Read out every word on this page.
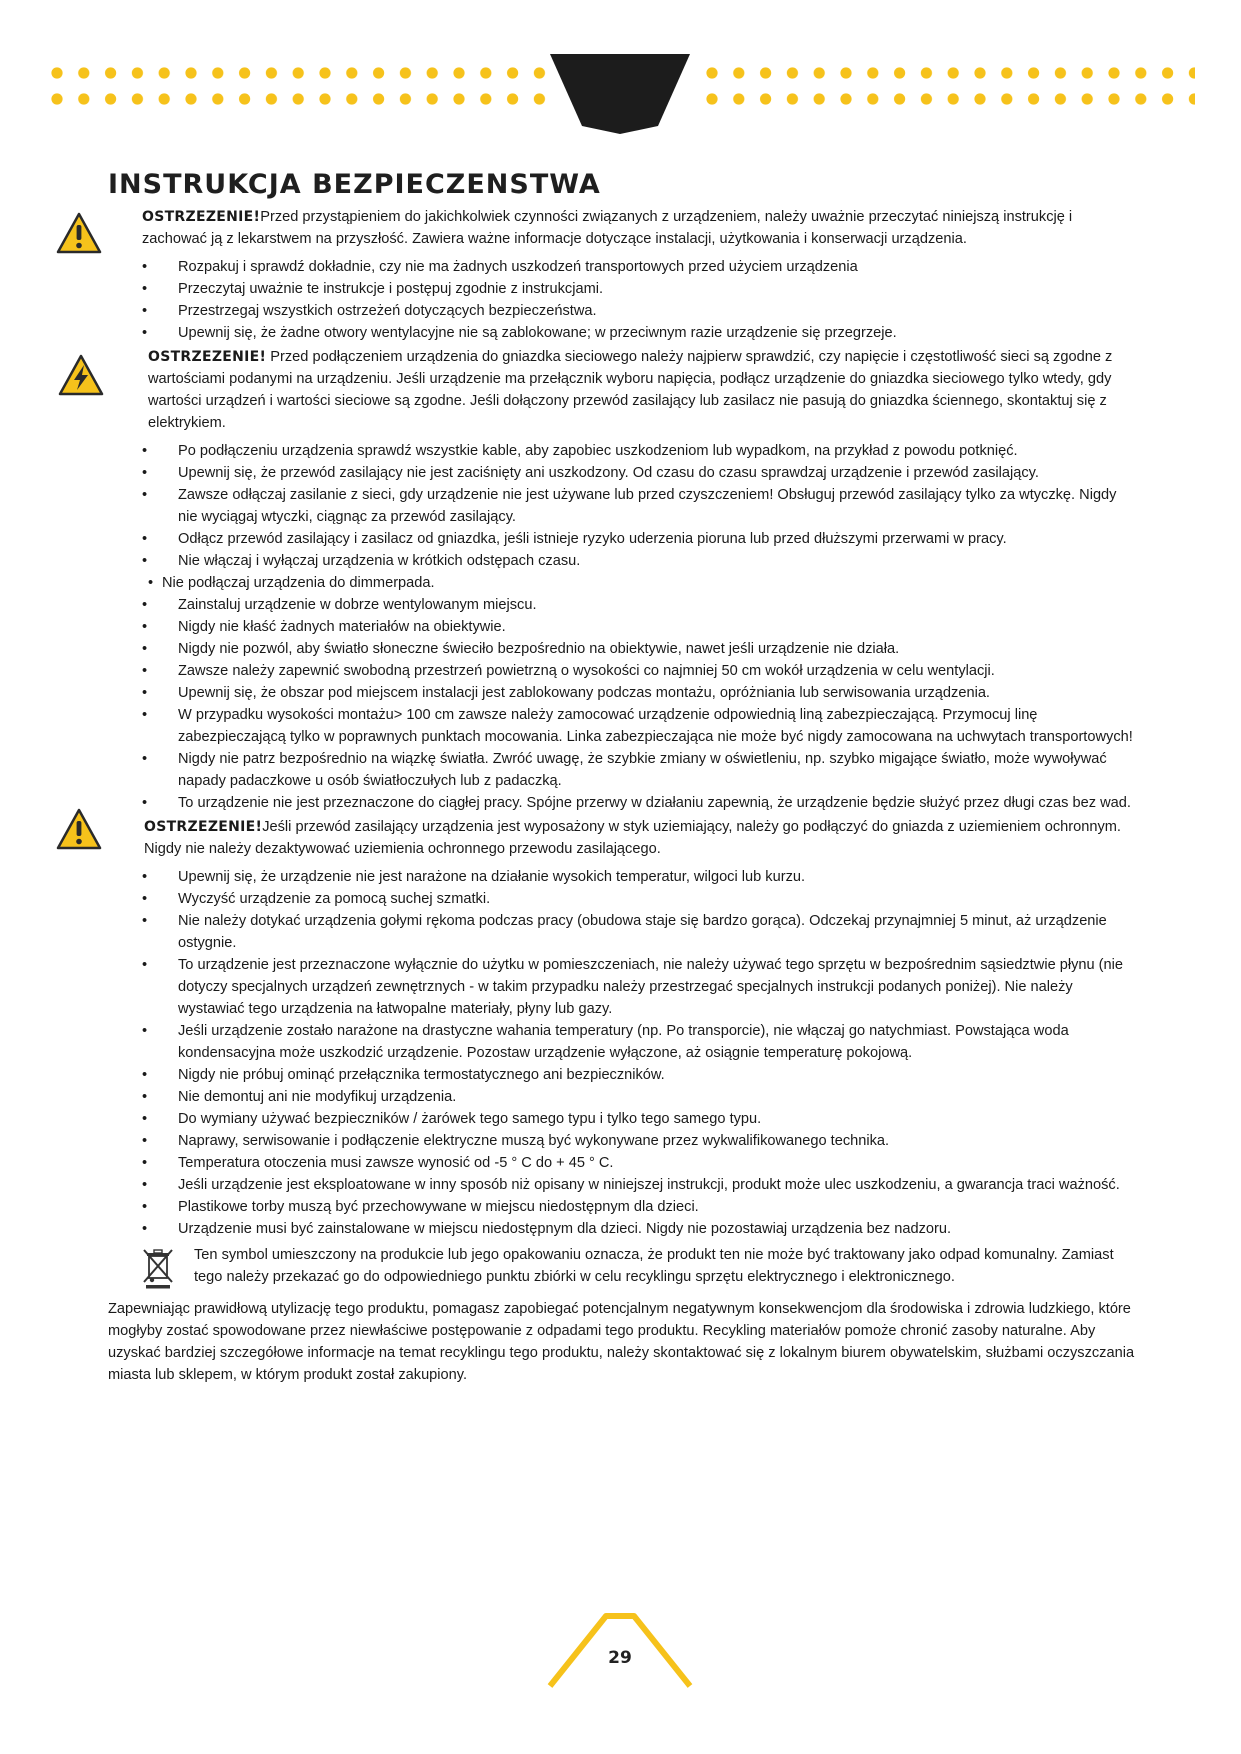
INSTRUKCJA BEZPIECZENSTWA

OSTRZEZENIE!Przed przystąpieniem do jakichkolwiek czynności związanych z urządzeniem, należy uważnie przeczytać niniejszą instrukcję i zachować ją z lekarstwem na przyszłość. Zawiera ważne informacje dotyczące instalacji, użytkowania i konserwacji urządzenia.

• Rozpakuj i sprawdź dokładnie, czy nie ma żadnych uszkodzeń transportowych przed użyciem urządzenia
• Przeczytaj uważnie te instrukcje i postępuj zgodnie z instrukcjami.
• Przestrzegaj wszystkich ostrzeżeń dotyczących bezpieczeństwa.
• Upewnij się, że żadne otwory wentylacyjne nie są zablokowane; w przeciwnym razie urządzenie się przegrzeje.

OSTRZEZENIE! Przed podłączeniem urządzenia do gniazdka sieciowego należy najpierw sprawdzić, czy napięcie i częstotliwość sieci są zgodne z wartościami podanymi na urządzeniu. Jeśli urządzenie ma przełącznik wyboru napięcia, podłącz urządzenie do gniazdka sieciowego tylko wtedy, gdy wartości urządzeń i wartości sieciowe są zgodne. Jeśli dołączony przewód zasilający lub zasilacz nie pasują do gniazdka ściennego, skontaktuj się z elektrykiem.

• Po podłączeniu urządzenia sprawdź wszystkie kable, aby zapobiec uszkodzeniom lub wypadkom, na przykład z powodu potknięć.
• Upewnij się, że przewód zasilający nie jest zaciśnięty ani uszkodzony. Od czasu do czasu sprawdzaj urządzenie i przewód zasilający.
• Zawsze odłączaj zasilanie z sieci, gdy urządzenie nie jest używane lub przed czyszczeniem! Obsługuj przewód zasilający tylko za wtyczkę. Nigdy nie wyciągaj wtyczki, ciągnąc za przewód zasilający.
• Odłącz przewód zasilający i zasilacz od gniazdka, jeśli istnieje ryzyko uderzenia pioruna lub przed dłuższymi przerwami w pracy.
• Nie włączaj i wyłączaj urządzenia w krótkich odstępach czasu.
• Nie podłączaj urządzenia do dimmerpada.
• Zainstaluj urządzenie w dobrze wentylowanym miejscu.
• Nigdy nie kłaść żadnych materiałów na obiektywie.
• Nigdy nie pozwól, aby światło słoneczne świeciło bezpośrednio na obiektywie, nawet jeśli urządzenie nie działa.
• Zawsze należy zapewnić swobodną przestrzeń powietrzną o wysokości co najmniej 50 cm wokół urządzenia w celu wentylacji.
• Upewnij się, że obszar pod miejscem instalacji jest zablokowany podczas montażu, opróżniania lub serwisowania urządzenia.
• W przypadku wysokości montażu> 100 cm zawsze należy zamocować urządzenie odpowiednią liną zabezpieczającą. Przymocuj linę zabezpieczającą tylko w poprawnych punktach mocowania. Linka zabezpieczająca nie może być nigdy zamocowana na uchwytach transportowych!
• Nigdy nie patrz bezpośrednio na wiązkę światła. Zwróć uwagę, że szybkie zmiany w oświetleniu, np. szybko migające światło, może wywoływać napady padaczkowe u osób światłoczułych lub z padaczką.
• To urządzenie nie jest przeznaczone do ciągłej pracy. Spójne przerwy w działaniu zapewnią, że urządzenie będzie służyć przez długi czas bez wad.

OSTRZEZENIE!Jeśli przewód zasilający urządzenia jest wyposażony w styk uziemiający, należy go podłączyć do gniazda z uziemieniem ochronnym. Nigdy nie należy dezaktywować uziemienia ochronnego przewodu zasilającego.

• Upewnij się, że urządzenie nie jest narażone na działanie wysokich temperatur, wilgoci lub kurzu.
• Wyczyść urządzenie za pomocą suchej szmatki.
• Nie należy dotykać urządzenia gołymi rękoma podczas pracy (obudowa staje się bardzo gorąca). Odczekaj przynajmniej 5 minut, aż urządzenie ostygnie.
• To urządzenie jest przeznaczone wyłącznie do użytku w pomieszczeniach, nie należy używać tego sprzętu w bezpośrednim sąsiedztwie płynu (nie dotyczy specjalnych urządzeń zewnętrznych - w takim przypadku należy przestrzegać specjalnych instrukcji podanych poniżej). Nie należy wystawiać tego urządzenia na łatwopalne materiały, płyny lub gazy.
• Jeśli urządzenie zostało narażone na drastyczne wahania temperatury (np. Po transporcie), nie włączaj go natychmiast. Powstająca woda kondensacyjna może uszkodzić urządzenie. Pozostaw urządzenie wyłączone, aż osiągnie temperaturę pokojową.
• Nigdy nie próbuj ominąć przełącznika termostatycznego ani bezpieczników.
• Nie demontuj ani nie modyfikuj urządzenia.
• Do wymiany używać bezpieczników / żarówek tego samego typu i tylko tego samego typu.
• Naprawy, serwisowanie i podłączenie elektryczne muszą być wykonywane przez wykwalifikowanego technika.
• Temperatura otoczenia musi zawsze wynosić od -5 ° C do + 45 ° C.
• Jeśli urządzenie jest eksploatowane w inny sposób niż opisany w niniejszej instrukcji, produkt może ulec uszkodzeniu, a gwarancja traci ważność.
• Plastikowe torby muszą być przechowywane w miejscu niedostępnym dla dzieci.
• Urządzenie musi być zainstalowane w miejscu niedostępnym dla dzieci. Nigdy nie pozostawiaj urządzenia bez nadzoru.

Ten symbol umieszczony na produkcie lub jego opakowaniu oznacza, że produkt ten nie może być traktowany jako odpad komunalny. Zamiast tego należy przekazać go do odpowiedniego punktu zbiórki w celu recyklingu sprzętu elektrycznego i elektronicznego.

Zapewniając prawidłową utylizację tego produktu, pomagasz zapobiegać potencjalnym negatywnym konsekwencjom dla środowiska i zdrowia ludzkiego, które mogłyby zostać spowodowane przez niewłaściwe postępowanie z odpadami tego produktu. Recykling materiałów pomoże chronić zasoby naturalne. Aby uzyskać bardziej szczegółowe informacje na temat recyklingu tego produktu, należy skontaktować się z lokalnym biurem obywatelskim, służbami oczyszczania miasta lub sklepem, w którym produkt został zakupiony.

29
